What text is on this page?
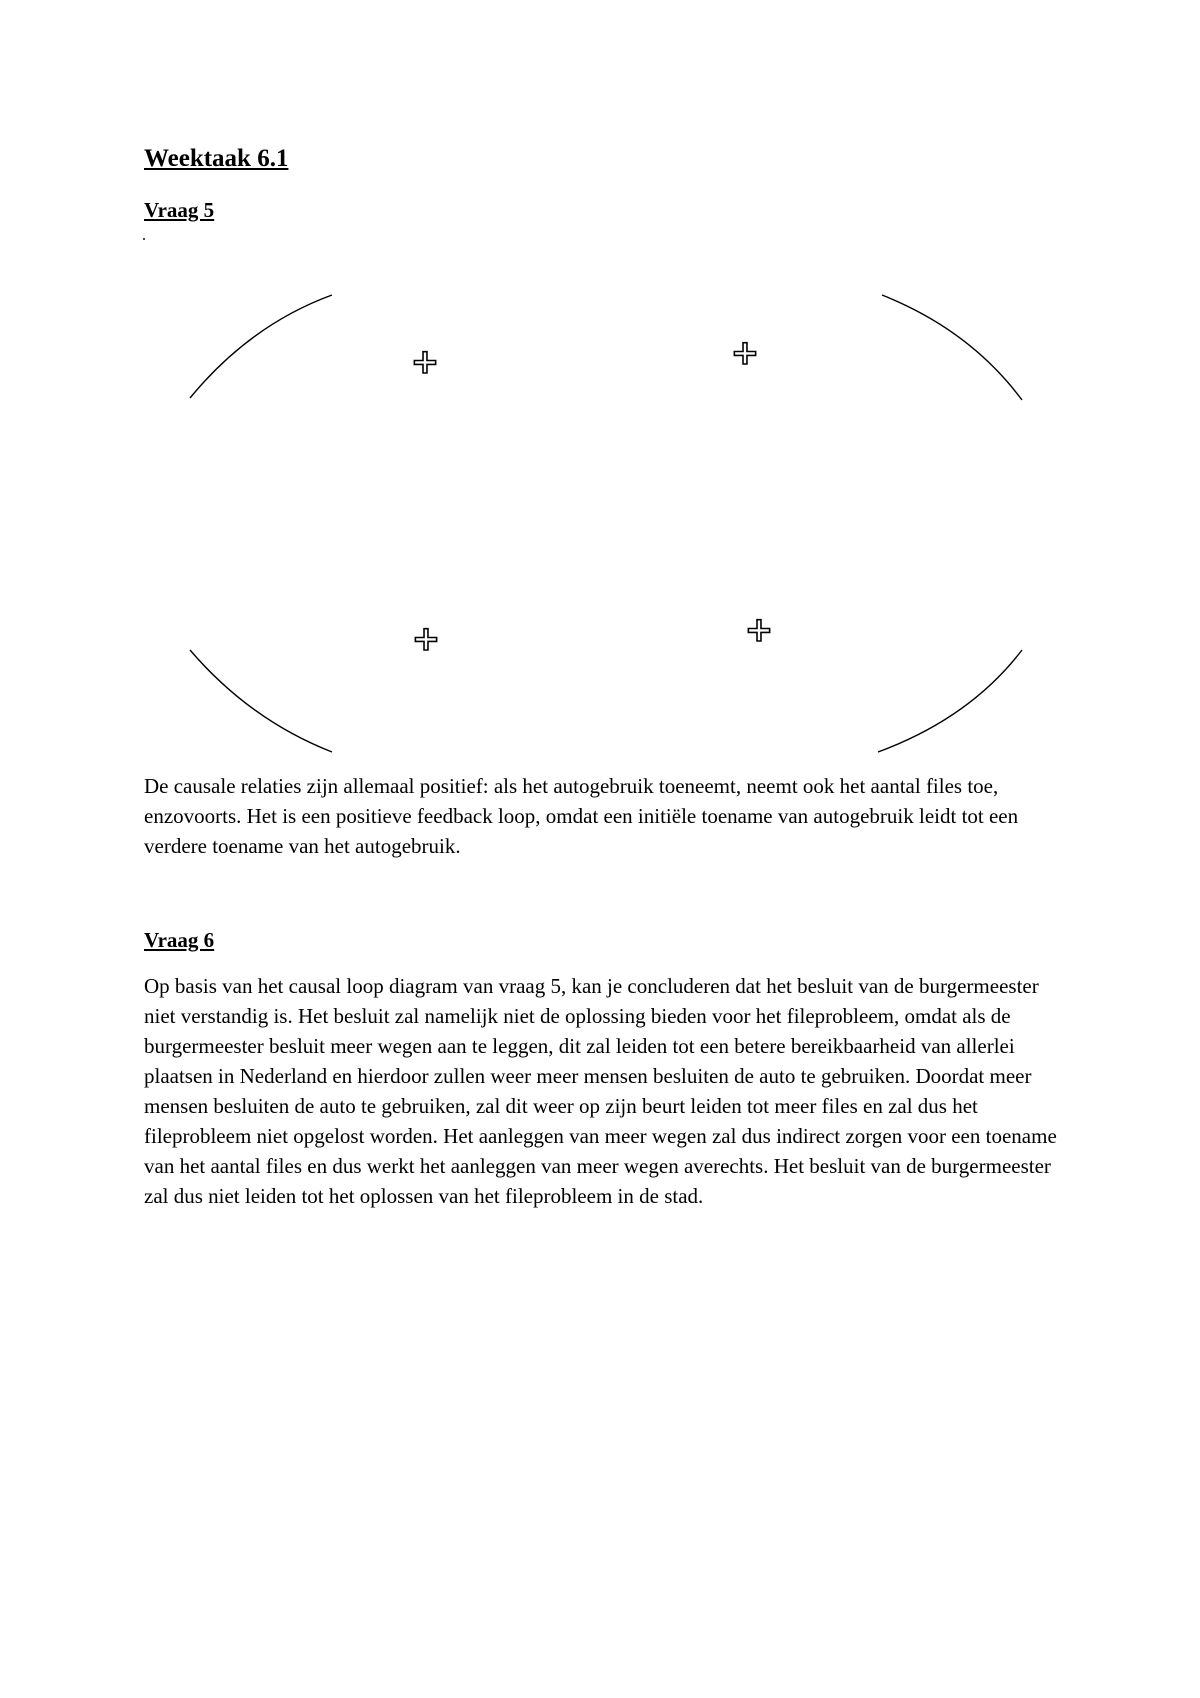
Weektaak 6.1
Vraag 5
+	+
+	+

De causale relaties zijn allemaal positief: als het autogebruik toeneemt, neemt ook het aantal files toe, enzovoorts. Het is een positieve feedback loop, omdat een initiële toename van autogebruik leidt tot een verdere toename van het autogebruik.

Vraag 6

Op basis van het causal loop diagram van vraag 5, kan je concluderen dat het besluit van de burgermeester niet verstandig is. Het besluit zal namelijk niet de oplossing bieden voor het fileprobleem, omdat als de burgermeester besluit meer wegen aan te leggen, dit zal leiden tot een betere bereikbaarheid van allerlei plaatsen in Nederland en hierdoor zullen weer meer mensen besluiten de auto te gebruiken. Doordat meer mensen besluiten de auto te gebruiken, zal dit weer op zijn beurt leiden tot meer files en zal dus het fileprobleem niet opgelost worden. Het aanleggen van meer wegen zal dus indirect zorgen voor een toename van het aantal files en dus werkt het aanleggen van meer wegen averechts. Het besluit van de burgermeester zal dus niet leiden tot het oplossen van het fileprobleem in de stad.
